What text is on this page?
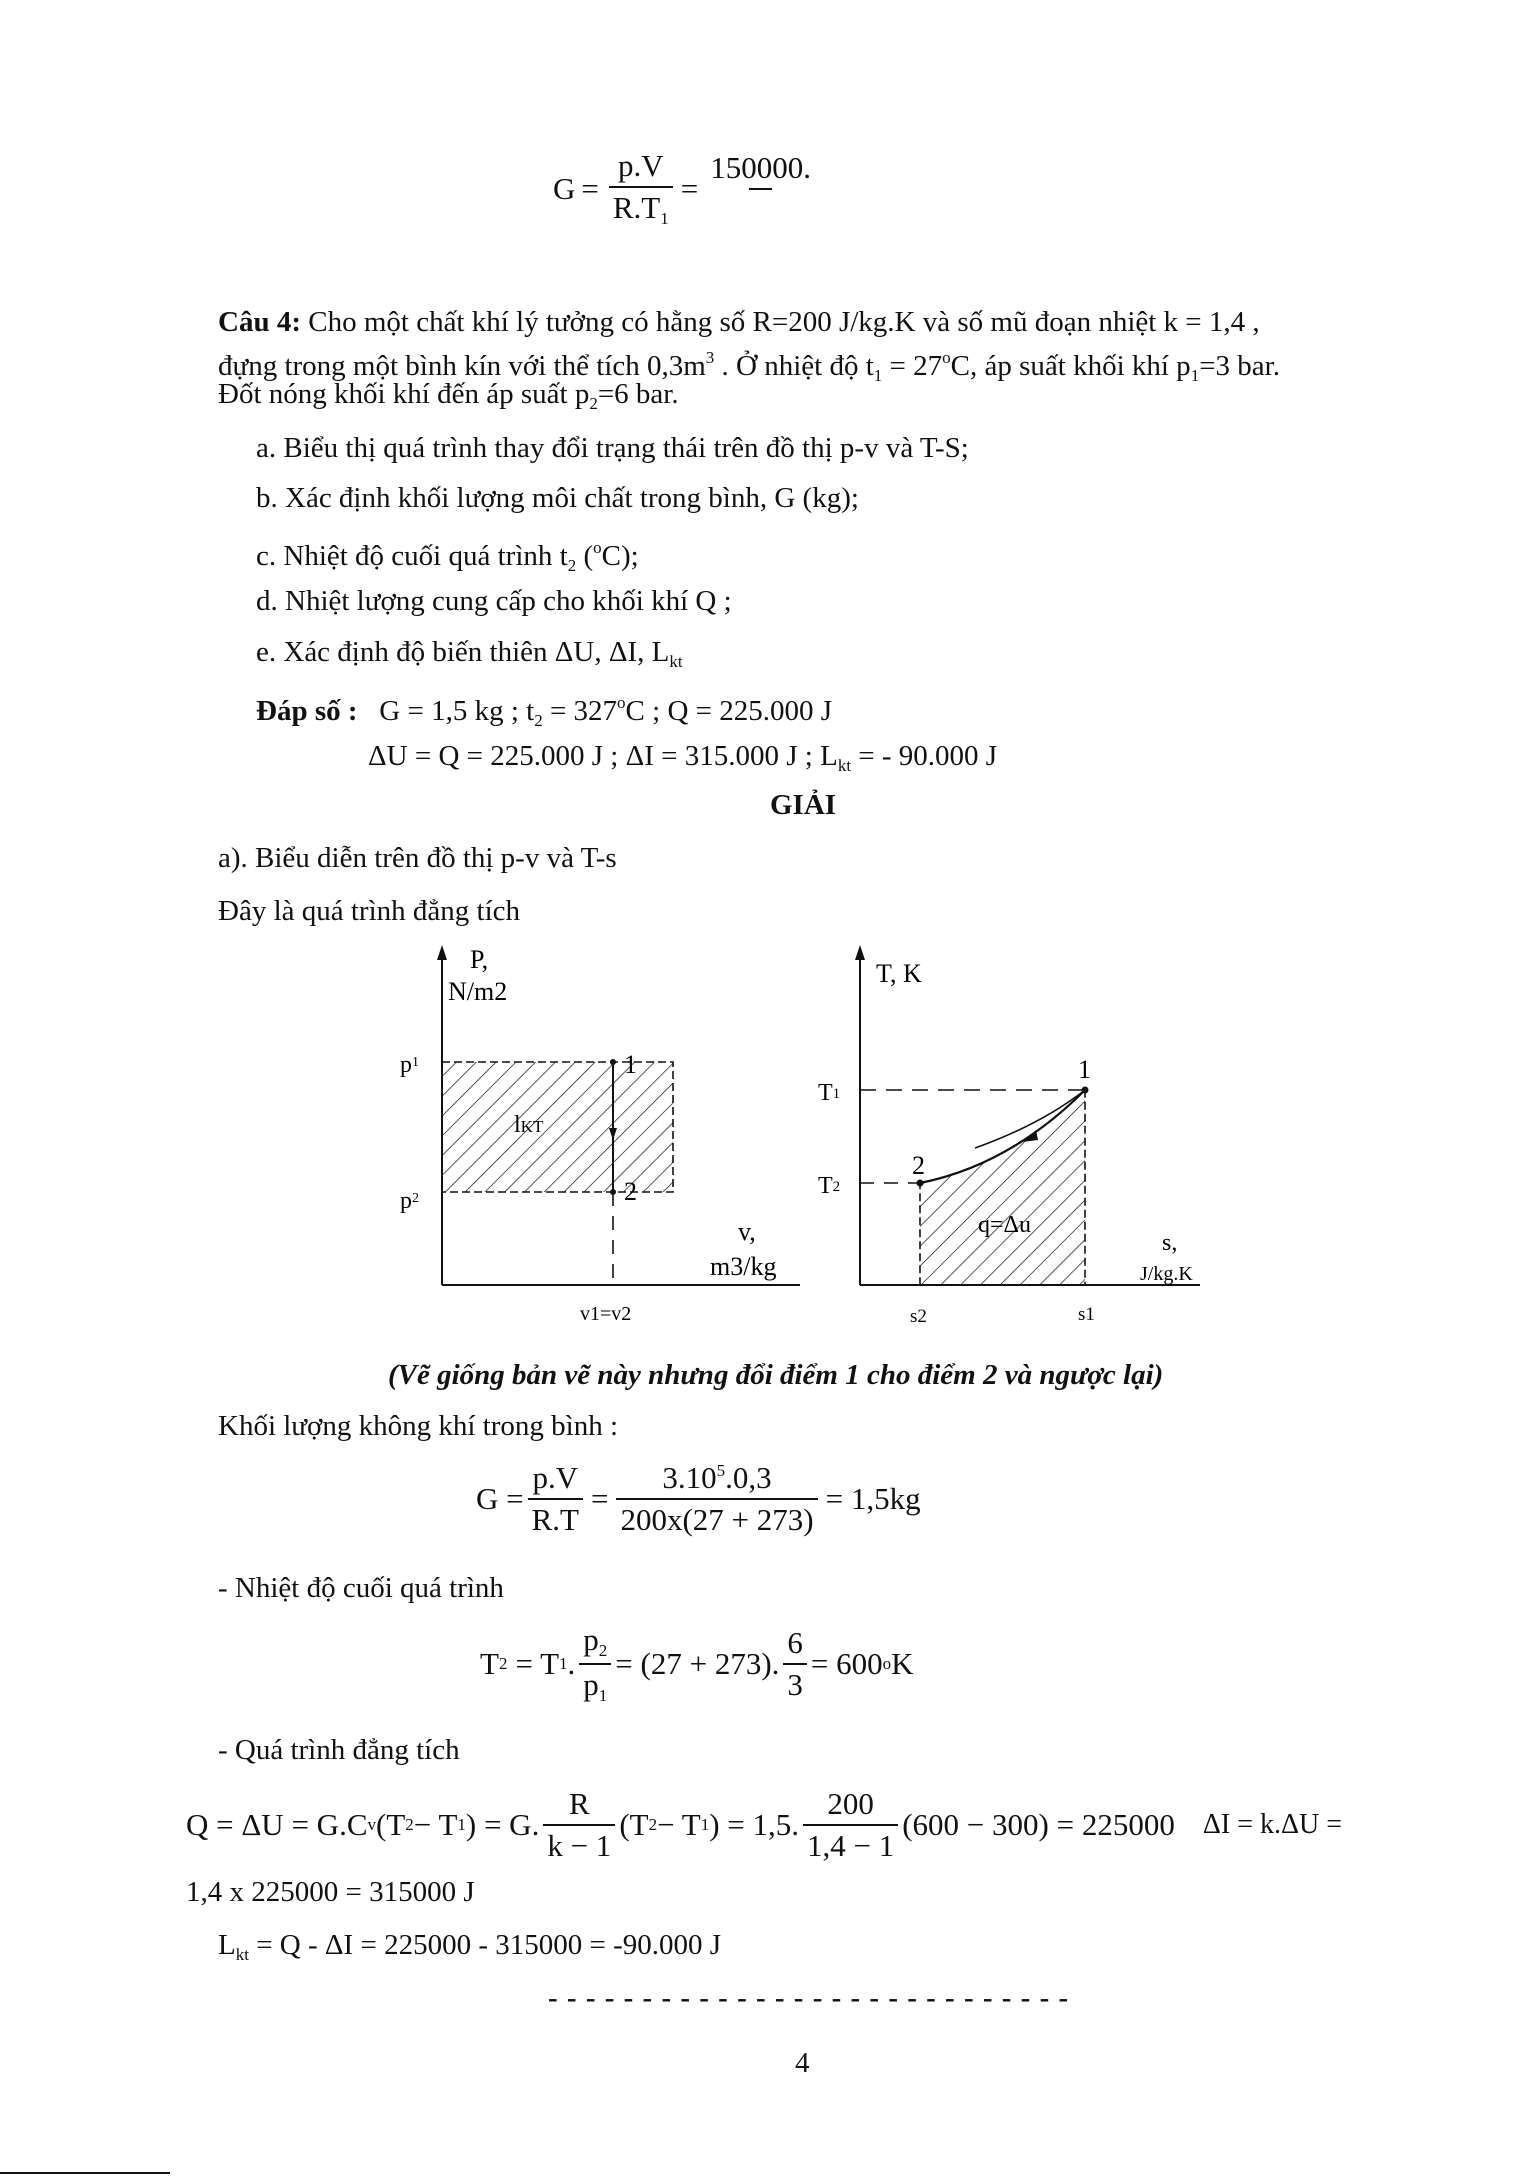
$G = \frac{p.V}{R.T_1}$ =
150000.
Câu 4: Cho một chất khí lý tưởng có hằng số R=200 J/kg.K và số mũ đoạn nhiệt k = 1,4 ,
đựng trong một bình kín với thể tích $0,3m^3$ . Ở nhiệt độ $t_1 = 27^oC$, áp suất khối khí $p_1=3$ bar.
Đốt nóng khối khí đến áp suất $p_2=6$ bar.
a. Biểu thị quá trình thay đổi trạng thái trên đồ thị p-v và T-S;
b. Xác định khối lượng môi chất trong bình, G (kg);
c. Nhiệt độ cuối quá trình $t_2$ ($^o$C);
d. Nhiệt lượng cung cấp cho khối khí Q ;
e. Xác định độ biến thiên ΔU, ΔI, $L_{kt}$
Đáp số : G = 1,5 kg ; $t_2 = 327^oC$ ; Q = 225.000 J
ΔU = Q = 225.000 J ; ΔI = 315.000 J ; $L_{kt}$ = - 90.000 J
GIẢI
a). Biểu diễn trên đồ thị p-v và T-s
Đây là quá trình đẳng tích
P,
N/m2
$p^1$
$p^2$
1
2
lKT
v,
m3/kg
v1=v2
T, K
T1
T2
1
2
q=Δu
s,
J/kg.K
s2	s1
(Vẽ giống bản vẽ này nhưng đổi điểm 1 cho điểm 2 và ngược lại)
Khối lượng không khí trong bình :
$G = \frac{p.V}{R.T} = \frac{3.10^5.0,3}{200x(27 + 273)} = 1,5kg$
- Nhiệt độ cuối quá trình
T 2 = T 1 . $\frac{p_2}{p_1} = (27 + 273)$. $\frac{6}{3} = 600$ o K
- Quá trình đẳng tích
Q = ΔU = G.C v (T 2 − T 1 ) = G. $\frac{R}{k - 1} (T$ 2 − T 1 ) = 1,5. $\frac{200}{1,4 - 1} (600 - 300) = 225000$ ΔI = k.ΔU =
1,4 x 225000 = 315000 J
$L_{kt} = Q - \Delta I = 225000 - 315000 = -90.000$ J
- - - - - - - - - - - - - - - - - - - - - - - - - - - -
4
